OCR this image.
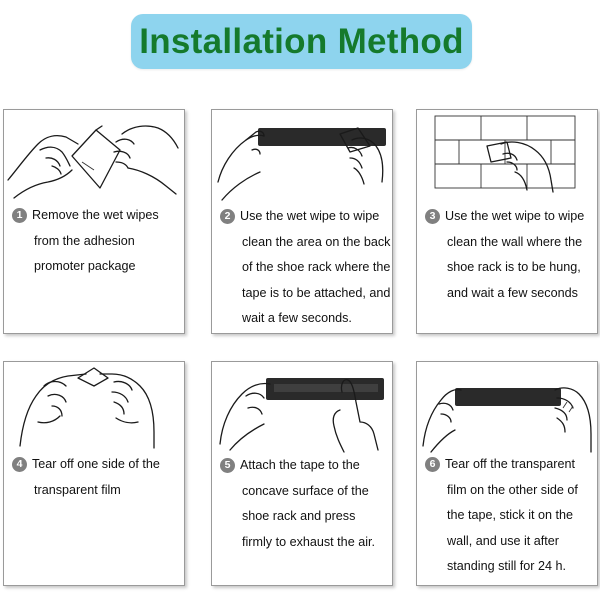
Installation Method
1 Remove the wet wipes
from the adhesion
promoter package
2 Use the wet wipe to wipe
clean the area on the back
of the shoe rack where the
tape is to be attached, and
wait a few seconds.
3 Use the wet wipe to wipe
clean the wall where the
shoe rack is to be hung,
and wait a few seconds
4 Tear off one side of the
transparent film
5 Attach the tape to the
concave surface of the
shoe rack and press
firmly to exhaust the air.
6 Tear off the transparent
film on the other side of
the tape, stick it on the
wall, and use it after
standing still for 24 h.
